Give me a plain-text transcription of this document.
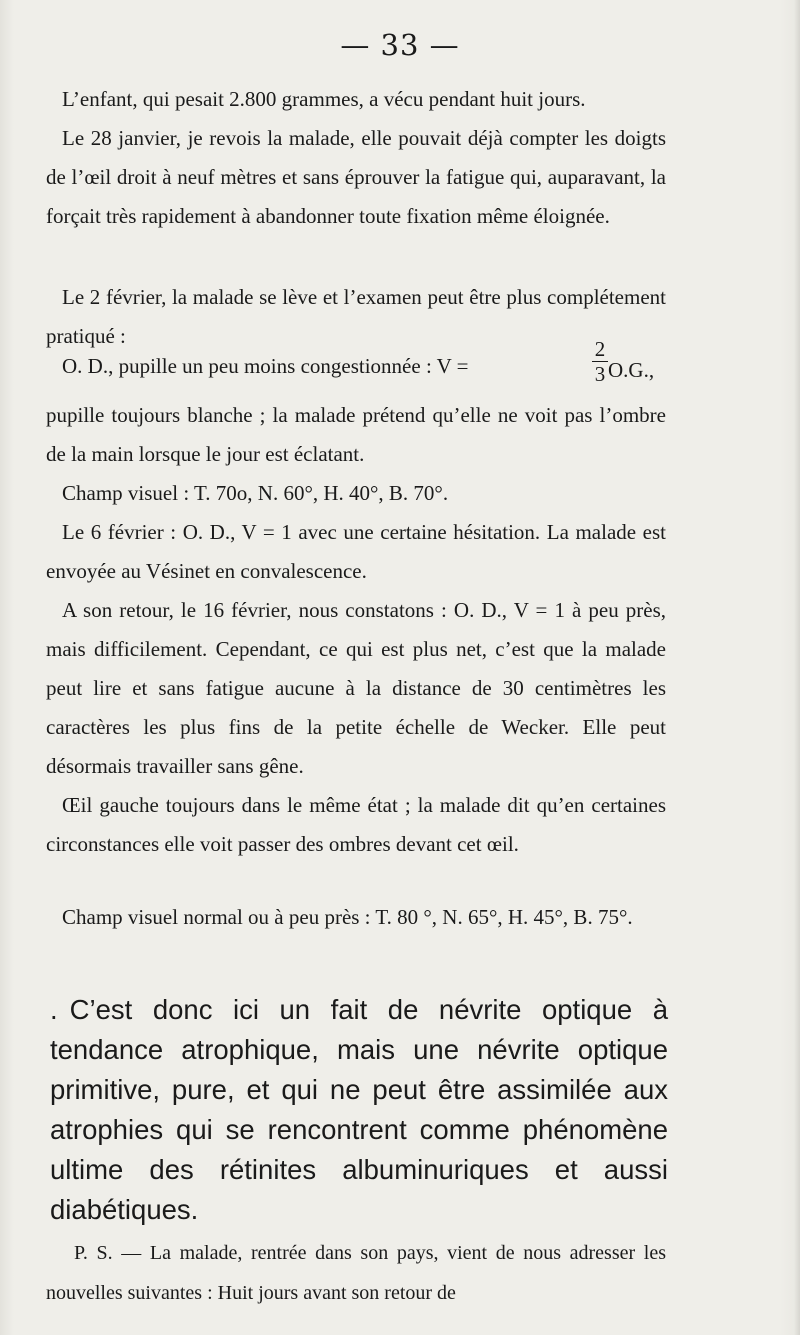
— 33 —

L’enfant, qui pesait 2.800 grammes, a vécu pendant huit jours.

Le 28 janvier, je revois la malade, elle pouvait déjà compter les doigts de l’œil droit à neuf mètres et sans éprouver la fatigue qui, auparavant, la forçait très rapidement à abandonner toute fixation même éloignée.

Le 2 février, la malade se lève et l’examen peut être plus complétement pratiqué :

O. D., pupille un peu moins congestionnée : V =
2
3 O.G.,

pupille toujours blanche ; la malade prétend qu’elle ne voit pas l’ombre de la main lorsque le jour est éclatant.

Champ visuel : T. 70o, N. 60°, H. 40°, B. 70°.

Le 6 février : O. D., V = 1 avec une certaine hésitation. La malade est envoyée au Vésinet en convalescence.

A son retour, le 16 février, nous constatons : O. D., V = 1 à peu près, mais difficilement. Cependant, ce qui est plus net, c’est que la malade peut lire et sans fatigue aucune à la distance de 30 centimètres les caractères les plus fins de la petite échelle de Wecker. Elle peut désormais travailler sans gêne.

Œil gauche toujours dans le même état ; la malade dit qu’en certaines circonstances elle voit passer des ombres devant cet œil.

Champ visuel normal ou à peu près : T. 80 °, N. 65°, H. 45°, B. 75°.

. C’est donc ici un fait de névrite optique à tendance atrophique, mais une névrite optique primitive, pure, et qui ne peut être assimilée aux atrophies qui se rencontrent comme phénomène ultime des rétinites albuminuriques et aussi diabétiques.

P. S. — La malade, rentrée dans son pays, vient de nous adresser les nouvelles suivantes : Huit jours avant son retour de
